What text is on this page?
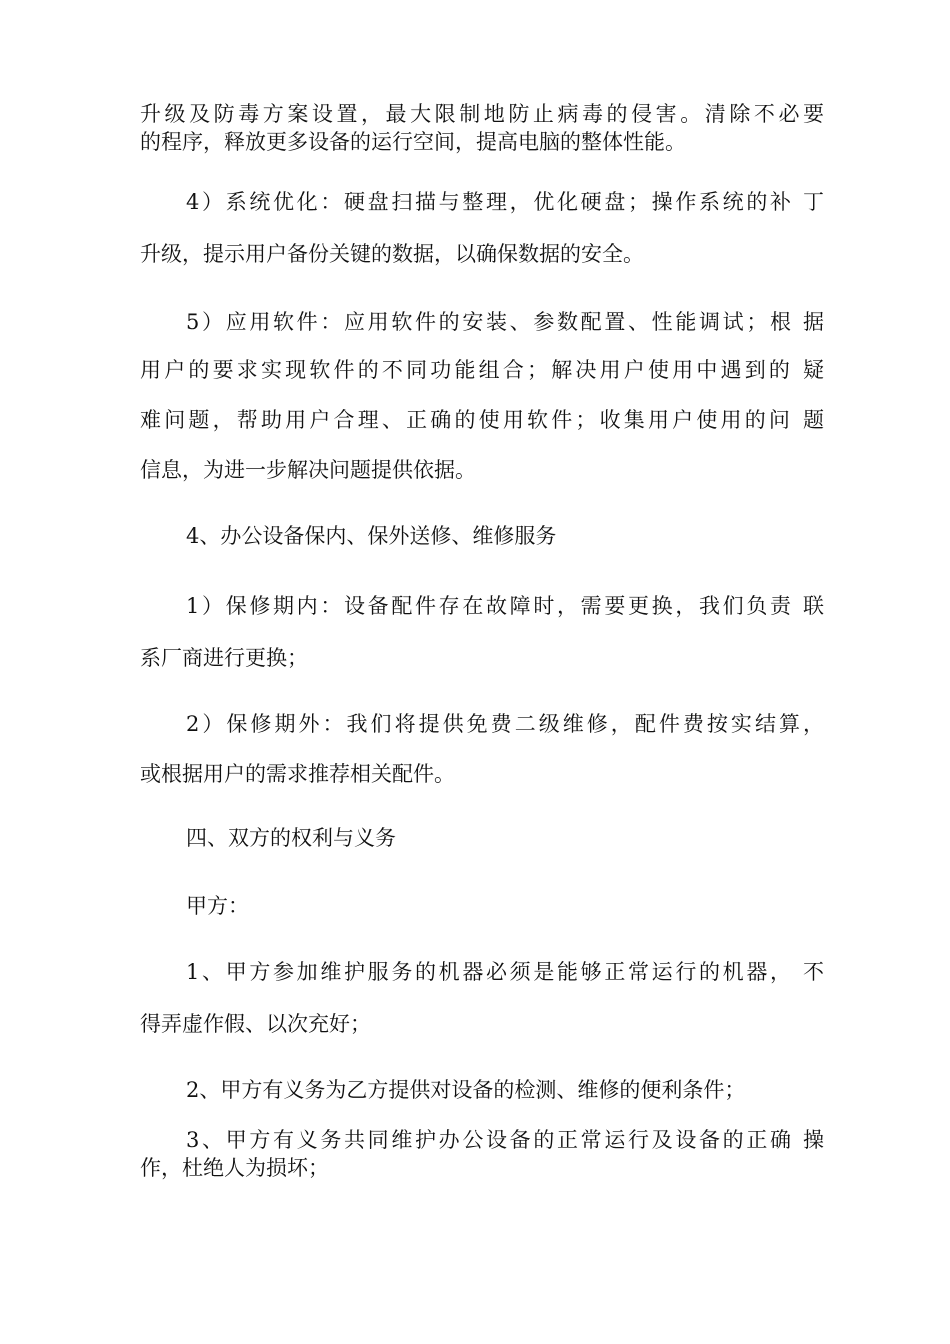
升级及防毒方案设置，最大限制地防止病毒的侵害。清除不必要
的程序，释放更多设备的运行空间，提高电脑的整体性能。
4）系统优化：硬盘扫描与整理，优化硬盘；操作系统的补 丁
升级，提示用户备份关键的数据，以确保数据的安全。
5）应用软件：应用软件的安装、参数配置、性能调试；根 据
用户的要求实现软件的不同功能组合；解决用户使用中遇到的 疑
难问题，帮助用户合理、正确的使用软件；收集用户使用的问 题
信息，为进一步解决问题提供依据。
4、办公设备保内、保外送修、维修服务
1）保修期内：设备配件存在故障时，需要更换，我们负责 联
系厂商进行更换；
2）保修期外：我们将提供免费二级维修，配件费按实结算，
或根据用户的需求推荐相关配件。
四、双方的权利与义务
甲方：
1、甲方参加维护服务的机器必须是能够正常运行的机器， 不
得弄虚作假、以次充好；
2、甲方有义务为乙方提供对设备的检测、维修的便利条件；
3、甲方有义务共同维护办公设备的正常运行及设备的正确 操
作，杜绝人为损坏；
